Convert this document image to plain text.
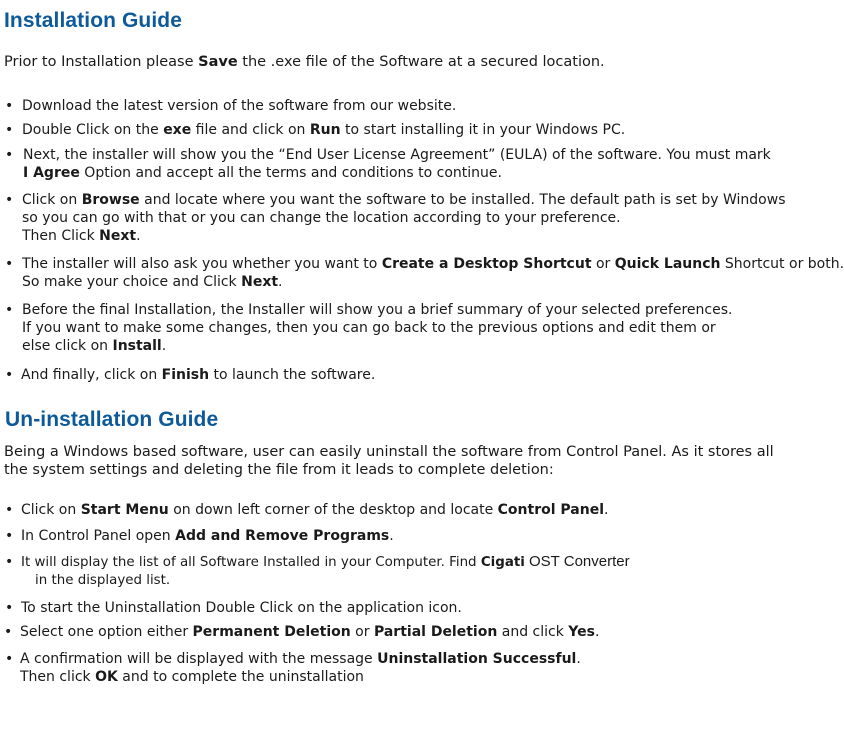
Installation Guide

Prior to Installation please Save the .exe file of the Software at a secured location.

• Download the latest version of the software from our website.
• Double Click on the exe file and click on Run to start installing it in your Windows PC.
• Next, the installer will show you the “End User License Agreement” (EULA) of the software. You must mark
I Agree Option and accept all the terms and conditions to continue.
• Click on Browse and locate where you want the software to be installed. The default path is set by Windows
so you can go with that or you can change the location according to your preference.
Then Click Next.
• The installer will also ask you whether you want to Create a Desktop Shortcut or Quick Launch Shortcut or both.
So make your choice and Click Next.
• Before the final Installation, the Installer will show you a brief summary of your selected preferences.
If you want to make some changes, then you can go back to the previous options and edit them or
else click on Install.
• And finally, click on Finish to launch the software.
Un-installation Guide
Being a Windows based software, user can easily uninstall the software from Control Panel. As it stores all
the system settings and deleting the file from it leads to complete deletion:
• Click on Start Menu on down left corner of the desktop and locate Control Panel.
• In Control Panel open Add and Remove Programs.
• It will display the list of all Software Installed in your Computer. Find Cigati OST Converter
in the displayed list.
• To start the Uninstallation Double Click on the application icon.
• Select one option either Permanent Deletion or Partial Deletion and click Yes.
• A confirmation will be displayed with the message Uninstallation Successful.
Then click OK and to complete the uninstallation
